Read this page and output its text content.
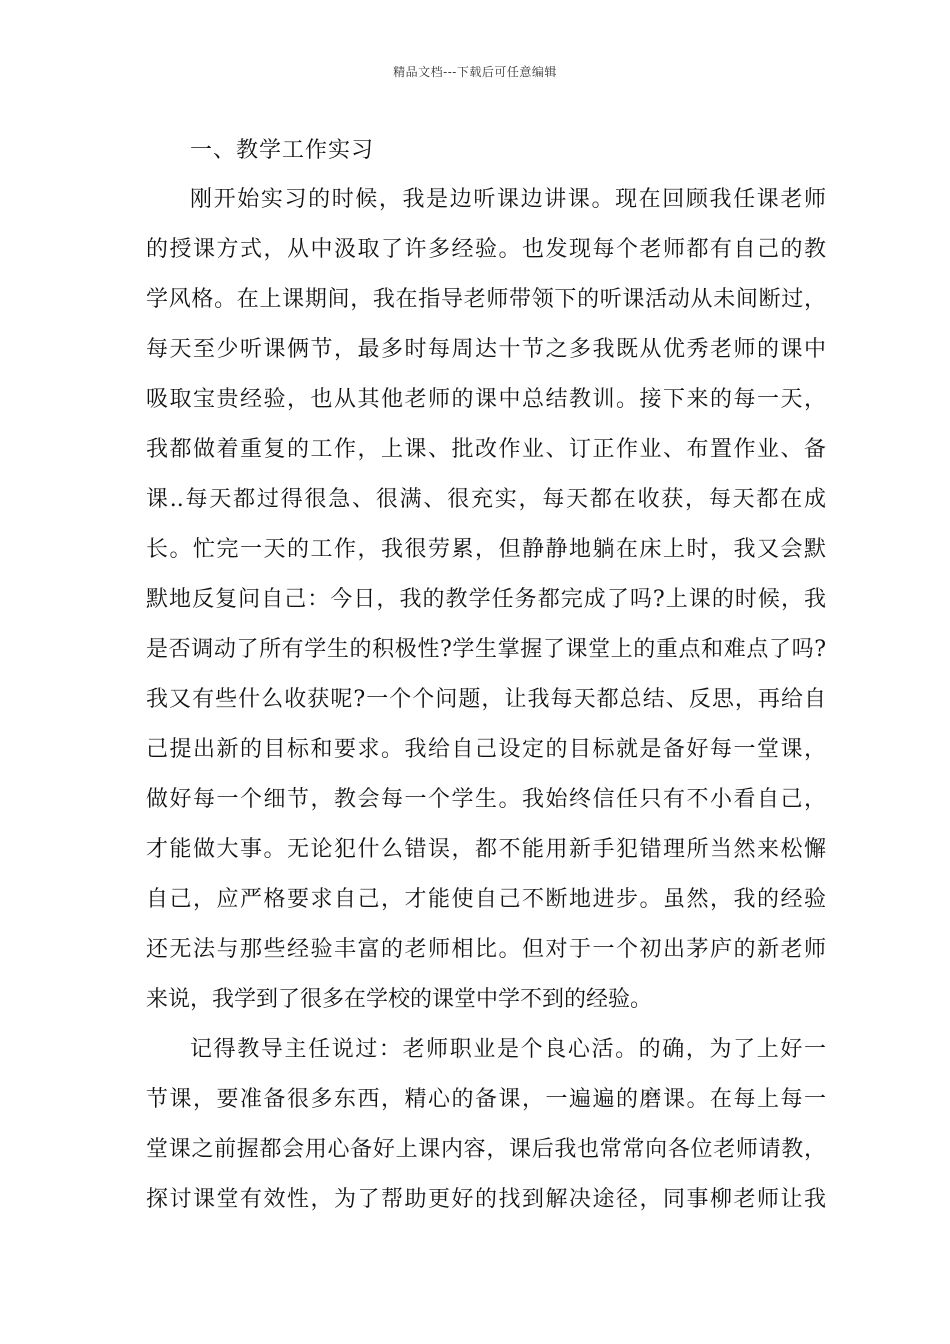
精品文档---下载后可任意编辑
一、教学工作实习
刚开始实习的时候，我是边听课边讲课。现在回顾我任课老师
的授课方式，从中汲取了许多经验。也发现每个老师都有自己的教
学风格。在上课期间，我在指导老师带领下的听课活动从未间断过，
每天至少听课俩节，最多时每周达十节之多我既从优秀老师的课中
吸取宝贵经验，也从其他老师的课中总结教训。接下来的每一天，
我都做着重复的工作，上课、批改作业、订正作业、布置作业、备
课..每天都过得很急、很满、很充实，每天都在收获，每天都在成
长。忙完一天的工作，我很劳累，但静静地躺在床上时，我又会默
默地反复问自己：今日，我的教学任务都完成了吗?上课的时候，我
是否调动了所有学生的积极性?学生掌握了课堂上的重点和难点了吗?
我又有些什么收获呢?一个个问题，让我每天都总结、反思，再给自
己提出新的目标和要求。我给自己设定的目标就是备好每一堂课，
做好每一个细节，教会每一个学生。我始终信任只有不小看自己，
才能做大事。无论犯什么错误，都不能用新手犯错理所当然来松懈
自己，应严格要求自己，才能使自己不断地进步。虽然，我的经验
还无法与那些经验丰富的老师相比。但对于一个初出茅庐的新老师
来说，我学到了很多在学校的课堂中学不到的经验。
记得教导主任说过：老师职业是个良心活。的确，为了上好一
节课，要准备很多东西，精心的备课，一遍遍的磨课。在每上每一
堂课之前握都会用心备好上课内容，课后我也常常向各位老师请教，
探讨课堂有效性，为了帮助更好的找到解决途径，同事柳老师让我
